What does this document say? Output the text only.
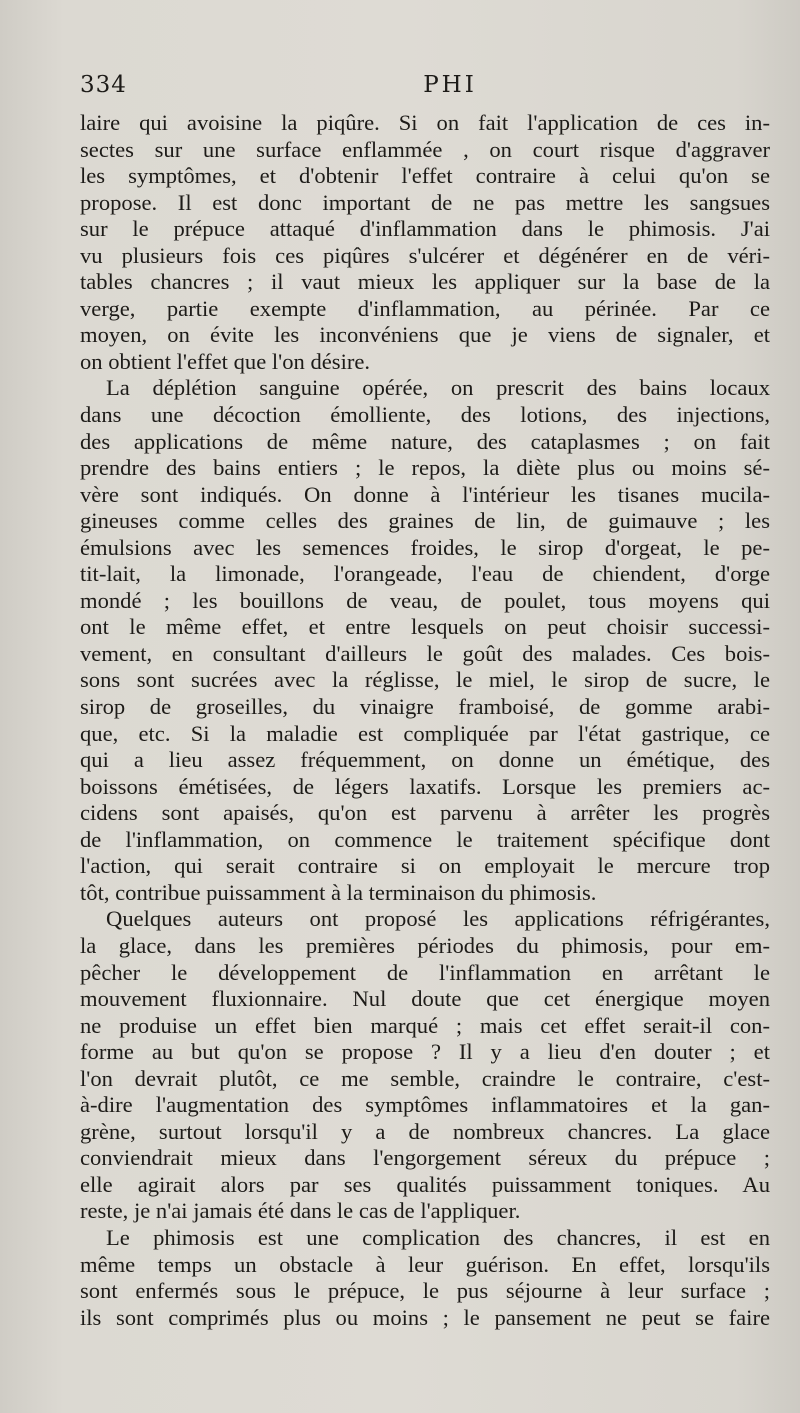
334	PHI
laire qui avoisine la piqûre. Si on fait l'application de ces in-
sectes sur une surface enflammée , on court risque d'aggraver
les symptômes, et d'obtenir l'effet contraire à celui qu'on se
propose. Il est donc important de ne pas mettre les sangsues
sur le prépuce attaqué d'inflammation dans le phimosis. J'ai
vu plusieurs fois ces piqûres s'ulcérer et dégénérer en de véri-
tables chancres ; il vaut mieux les appliquer sur la base de la
verge, partie exempte d'inflammation, au périnée. Par ce
moyen, on évite les inconvéniens que je viens de signaler, et
on obtient l'effet que l'on désire.
La déplétion sanguine opérée, on prescrit des bains locaux
dans une décoction émolliente, des lotions, des injections,
des applications de même nature, des cataplasmes ; on fait
prendre des bains entiers ; le repos, la diète plus ou moins sé-
vère sont indiqués. On donne à l'intérieur les tisanes mucila-
gineuses comme celles des graines de lin, de guimauve ; les
émulsions avec les semences froides, le sirop d'orgeat, le pe-
tit-lait, la limonade, l'orangeade, l'eau de chiendent, d'orge
mondé ; les bouillons de veau, de poulet, tous moyens qui
ont le même effet, et entre lesquels on peut choisir successi-
vement, en consultant d'ailleurs le goût des malades. Ces bois-
sons sont sucrées avec la réglisse, le miel, le sirop de sucre, le
sirop de groseilles, du vinaigre framboisé, de gomme arabi-
que, etc. Si la maladie est compliquée par l'état gastrique, ce
qui a lieu assez fréquemment, on donne un émétique, des
boissons émétisées, de légers laxatifs. Lorsque les premiers ac-
cidens sont apaisés, qu'on est parvenu à arrêter les progrès
de l'inflammation, on commence le traitement spécifique dont
l'action, qui serait contraire si on employait le mercure trop
tôt, contribue puissamment à la terminaison du phimosis.
Quelques auteurs ont proposé les applications réfrigérantes,
la glace, dans les premières périodes du phimosis, pour em-
pêcher le développement de l'inflammation en arrêtant le
mouvement fluxionnaire. Nul doute que cet énergique moyen
ne produise un effet bien marqué ; mais cet effet serait-il con-
forme au but qu'on se propose ? Il y a lieu d'en douter ; et
l'on devrait plutôt, ce me semble, craindre le contraire, c'est-
à-dire l'augmentation des symptômes inflammatoires et la gan-
grène, surtout lorsqu'il y a de nombreux chancres. La glace
conviendrait mieux dans l'engorgement séreux du prépuce ;
elle agirait alors par ses qualités puissamment toniques. Au
reste, je n'ai jamais été dans le cas de l'appliquer.
Le phimosis est une complication des chancres, il est en
même temps un obstacle à leur guérison. En effet, lorsqu'ils
sont enfermés sous le prépuce, le pus séjourne à leur surface ;
ils sont comprimés plus ou moins ; le pansement ne peut se faire
